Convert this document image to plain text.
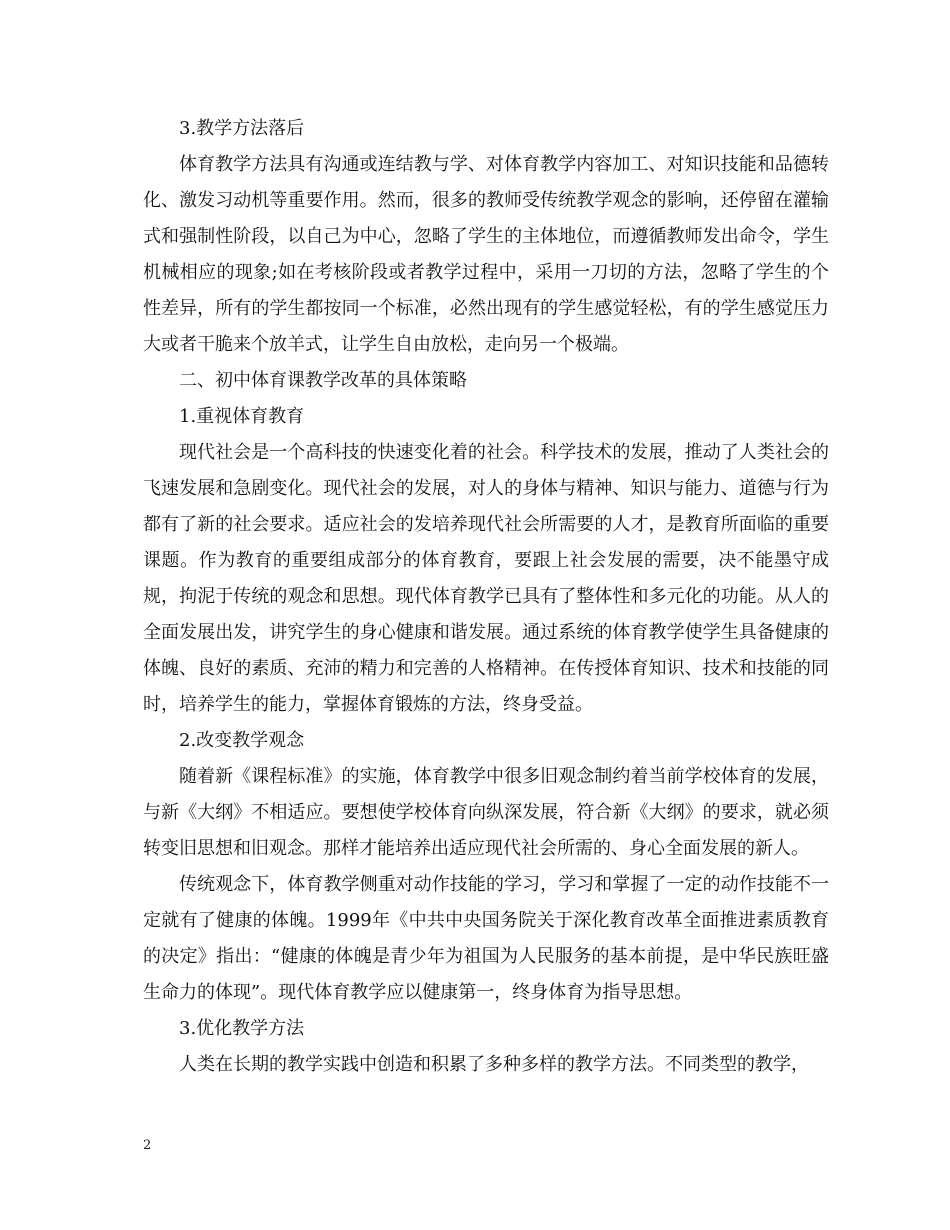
3.教学方法落后

体育教学方法具有沟通或连结教与学、对体育教学内容加工、对知识技能和品德转化、激发习动机等重要作用。然而，很多的教师受传统教学观念的影响，还停留在灌输式和强制性阶段，以自己为中心，忽略了学生的主体地位，而遵循教师发出命令，学生机械相应的现象;如在考核阶段或者教学过程中，采用一刀切的方法，忽略了学生的个性差异，所有的学生都按同一个标准，必然出现有的学生感觉轻松，有的学生感觉压力大或者干脆来个放羊式，让学生自由放松，走向另一个极端。

二、初中体育课教学改革的具体策略

1.重视体育教育

现代社会是一个高科技的快速变化着的社会。科学技术的发展，推动了人类社会的飞速发展和急剧变化。现代社会的发展，对人的身体与精神、知识与能力、道德与行为都有了新的社会要求。适应社会的发培养现代社会所需要的人才，是教育所面临的重要课题。作为教育的重要组成部分的体育教育，要跟上社会发展的需要，决不能墨守成规，拘泥于传统的观念和思想。现代体育教学已具有了整体性和多元化的功能。从人的全面发展出发，讲究学生的身心健康和谐发展。通过系统的体育教学使学生具备健康的体魄、良好的素质、充沛的精力和完善的人格精神。在传授体育知识、技术和技能的同时，培养学生的能力，掌握体育锻炼的方法，终身受益。

2.改变教学观念

随着新《课程标准》的实施，体育教学中很多旧观念制约着当前学校体育的发展，与新《大纲》不相适应。要想使学校体育向纵深发展，符合新《大纲》的要求，就必须转变旧思想和旧观念。那样才能培养出适应现代社会所需的、身心全面发展的新人。

传统观念下，体育教学侧重对动作技能的学习，学习和掌握了一定的动作技能不一定就有了健康的体魄。1999年《中共中央国务院关于深化教育改革全面推进素质教育的决定》指出：“健康的体魄是青少年为祖国为人民服务的基本前提，是中华民族旺盛生命力的体现”。现代体育教学应以健康第一，终身体育为指导思想。

3.优化教学方法

人类在长期的教学实践中创造和积累了多种多样的教学方法。不同类型的教学，

2
